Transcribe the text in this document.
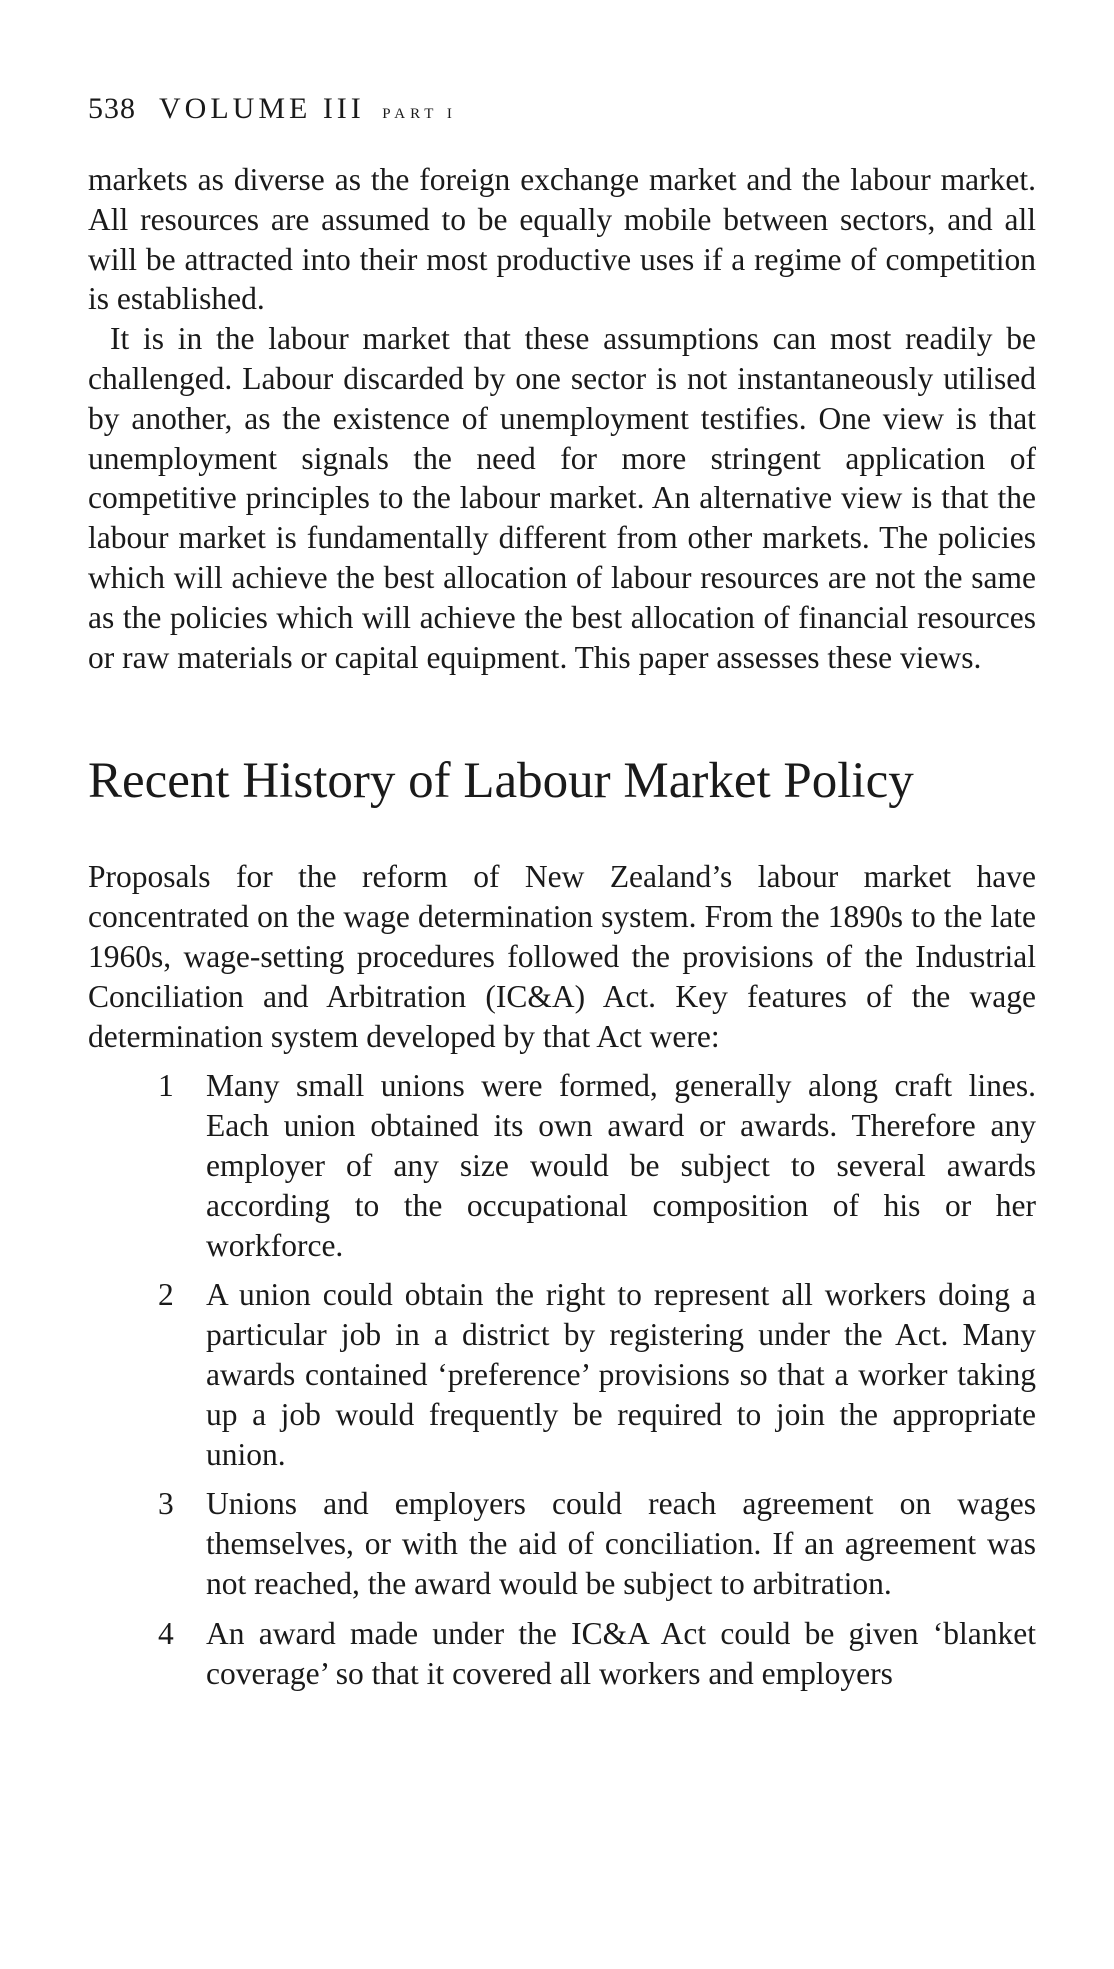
538 VOLUME III PART I

markets as diverse as the foreign exchange market and the labour market. All resources are assumed to be equally mobile between sectors, and all will be attracted into their most productive uses if a regime of competition is established.

It is in the labour market that these assumptions can most readily be challenged. Labour discarded by one sector is not instantaneously utilised by another, as the existence of unemployment testifies. One view is that unemployment signals the need for more stringent application of competitive principles to the labour market. An alternative view is that the labour market is fundamentally different from other markets. The policies which will achieve the best allocation of labour resources are not the same as the policies which will achieve the best allocation of financial resources or raw materials or capital equipment. This paper assesses these views.

Recent History of Labour Market Policy

Proposals for the reform of New Zealand’s labour market have concentrated on the wage determination system. From the 1890s to the late 1960s, wage-setting procedures followed the provisions of the Industrial Conciliation and Arbitration (IC&A) Act. Key features of the wage determination system developed by that Act were:

1 Many small unions were formed, generally along craft lines. Each union obtained its own award or awards. Therefore any employer of any size would be subject to several awards according to the occupational composition of his or her workforce.

2 A union could obtain the right to represent all workers doing a particular job in a district by registering under the Act. Many awards contained ‘preference’ provisions so that a worker taking up a job would frequently be required to join the appropriate union.

3 Unions and employers could reach agreement on wages themselves, or with the aid of conciliation. If an agreement was not reached, the award would be subject to arbitration.

4 An award made under the IC&A Act could be given ‘blanket coverage’ so that it covered all workers and employers
